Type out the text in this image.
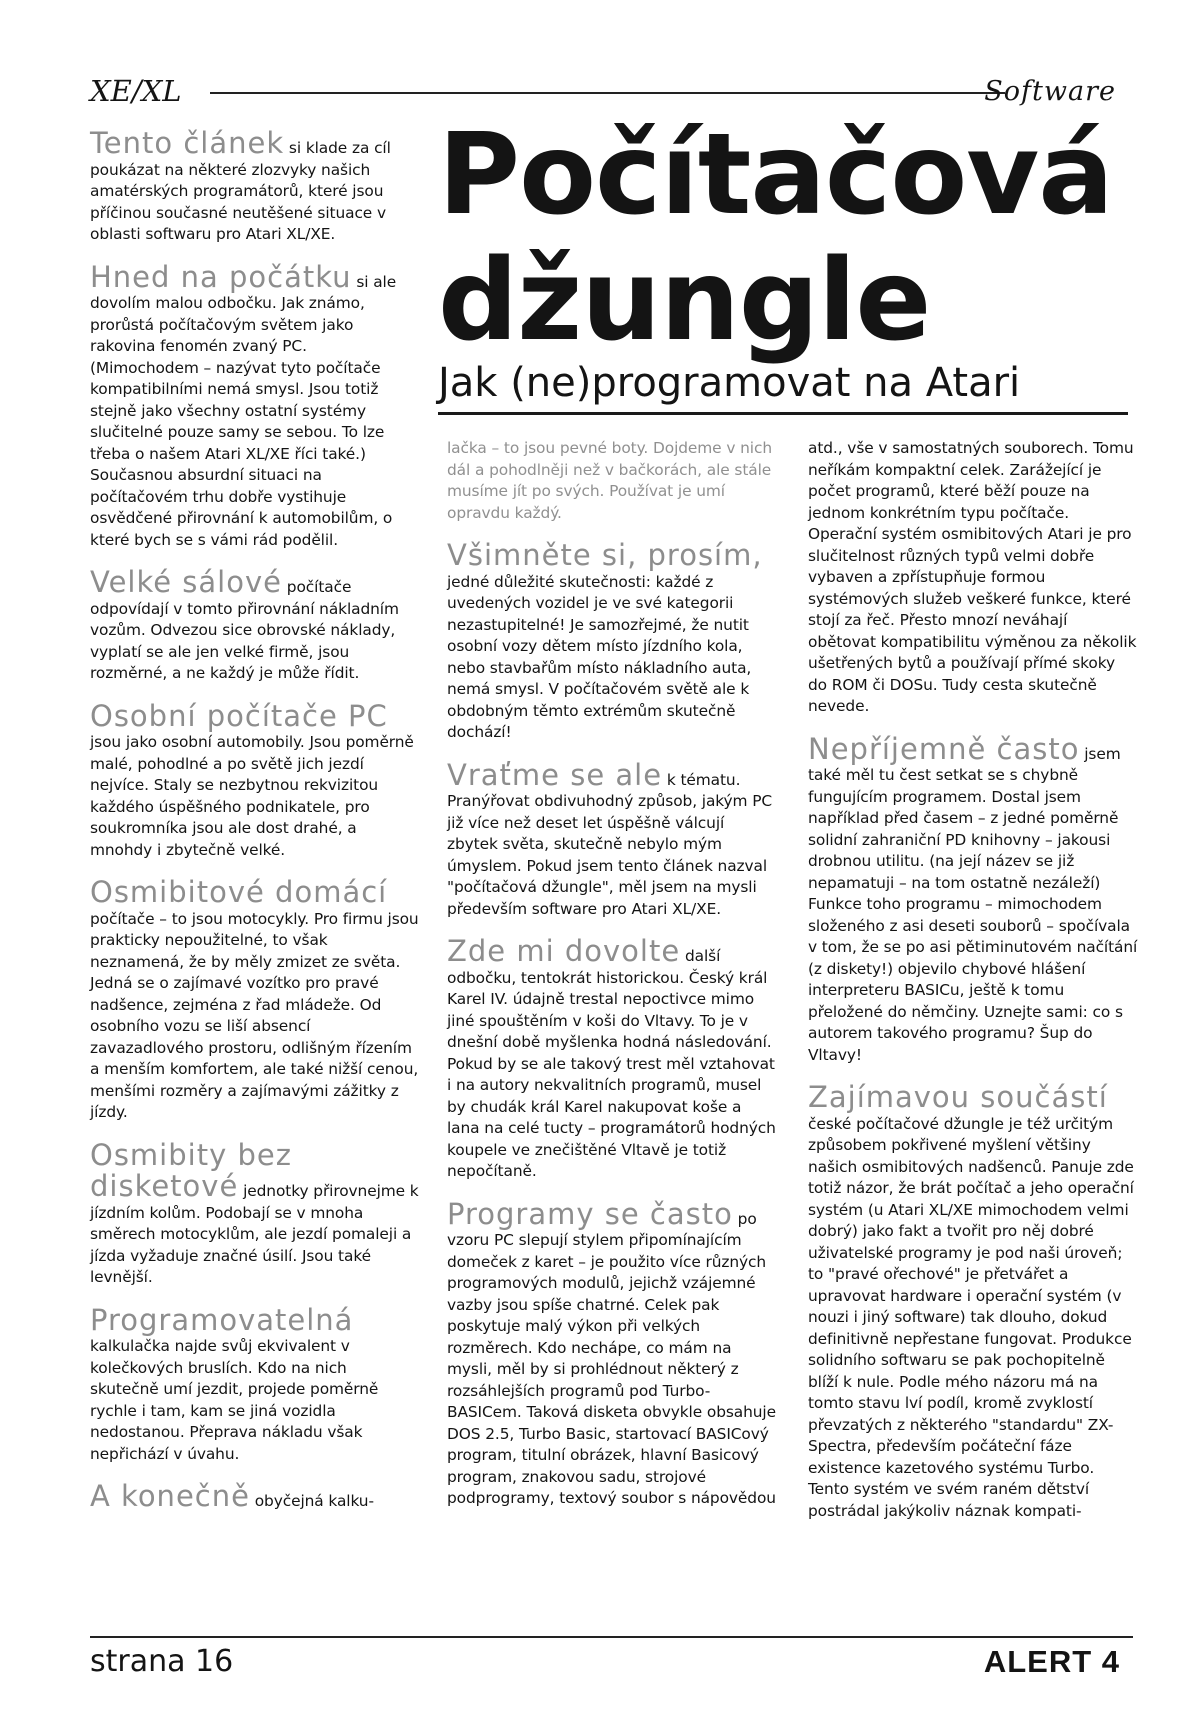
XE/XL	Software
Počítačová
džungle
Jak (ne)programovat na Atari

Tento článek si klade za cíl poukázat na některé zlozvyky našich amatérských programátorů, které jsou příčinou současné neutěšené situace v oblasti softwaru pro Atari XL/XE.

Hned na počátku si ale dovolím malou odbočku. Jak známo, prorůstá počítačovým světem jako rakovina fenomén zvaný PC. (Mimochodem – nazývat tyto počítače kompatibilními nemá smysl. Jsou totiž stejně jako všechny ostatní systémy slučitelné pouze samy se sebou. To lze třeba o našem Atari XL/XE říci také.) Současnou absurdní situaci na počítačovém trhu dobře vystihuje osvědčené přirovnání k automobilům, o které bych se s vámi rád podělil.

Velké sálové počítače odpovídají v tomto přirovnání nákladním vozům. Odvezou sice obrovské náklady, vyplatí se ale jen velké firmě, jsou rozměrné, a ne každý je může řídit.

Osobní počítače PC jsou jako osobní automobily. Jsou poměrně malé, pohodlné a po světě jich jezdí nejvíce. Staly se nezbytnou rekvizitou každého úspěšného podnikatele, pro soukromníka jsou ale dost drahé, a mnohdy i zbytečně velké.

Osmibitové domácí počítače – to jsou motocykly. Pro firmu jsou prakticky nepoužitelné, to však neznamená, že by měly zmizet ze světa. Jedná se o zajímavé vozítko pro pravé nadšence, zejména z řad mládeže. Od osobního vozu se liší absencí zavazadlového prostoru, odlišným řízením a menším komfortem, ale také nižší cenou, menšími rozměry a zajímavými zážitky z jízdy.

Osmibity bez disketové jednotky přirovnejme k jízdním kolům. Podobají se v mnoha směrech motocyklům, ale jezdí pomaleji a jízda vyžaduje značné úsilí. Jsou také levnější.

Programovatelná kalkulačka najde svůj ekvivalent v kolečkových bruslích. Kdo na nich skutečně umí jezdit, projede poměrně rychle i tam, kam se jiná vozidla nedostanou. Přeprava nákladu však nepřichází v úvahu.

A konečně obyčejná kalku-

lačka – to jsou pevné boty. Dojdeme v nich dál a pohodlněji než v bačkorách, ale stále musíme jít po svých. Používat je umí opravdu každý.

Všimněte si, prosím, jedné důležité skutečnosti: každé z uvedených vozidel je ve své kategorii nezastupitelné! Je samozřejmé, že nutit osobní vozy dětem místo jízdního kola, nebo stavbařům místo nákladního auta, nemá smysl. V počítačovém světě ale k obdobným těmto extrémům skutečně dochází!

Vraťme se ale k tématu. Pranýřovat obdivuhodný způsob, jakým PC již více než deset let úspěšně válcují zbytek světa, skutečně nebylo mým úmyslem. Pokud jsem tento článek nazval "počítačová džungle", měl jsem na mysli především software pro Atari XL/XE.

Zde mi dovolte další odbočku, tentokrát historickou. Český král Karel IV. údajně trestal nepoctivce mimo jiné spouštěním v koši do Vltavy. To je v dnešní době myšlenka hodná následování. Pokud by se ale takový trest měl vztahovat i na autory nekvalitních programů, musel by chudák král Karel nakupovat koše a lana na celé tucty – programátorů hodných koupele ve znečištěné Vltavě je totiž nepočítaně.

Programy se často po vzoru PC slepují stylem připomínajícím domeček z karet – je použito více různých programových modulů, jejichž vzájemné vazby jsou spíše chatrné. Celek pak poskytuje malý výkon při velkých rozměrech. Kdo nechápe, co mám na mysli, měl by si prohlédnout některý z rozsáhlejších programů pod Turbo-BASICem. Taková disketa obvykle obsahuje DOS 2.5, Turbo Basic, startovací BASICový program, titulní obrázek, hlavní Basicový program, znakovou sadu, strojové podprogramy, textový soubor s nápovědou

atd., vše v samostatných souborech. Tomu neříkám kompaktní celek. Zarážející je počet programů, které běží pouze na jednom konkrétním typu počítače. Operační systém osmibitových Atari je pro slučitelnost různých typů velmi dobře vybaven a zpřístupňuje formou systémových služeb veškeré funkce, které stojí za řeč. Přesto mnozí neváhají obětovat kompatibilitu výměnou za několik ušetřených bytů a používají přímé skoky do ROM či DOSu. Tudy cesta skutečně nevede.

Nepříjemně často jsem také měl tu čest setkat se s chybně fungujícím programem. Dostal jsem například před časem – z jedné poměrně solidní zahraniční PD knihovny – jakousi drobnou utilitu. (na její název se již nepamatuji – na tom ostatně nezáleží) Funkce toho programu – mimochodem složeného z asi deseti souborů – spočívala v tom, že se po asi pětiminutovém načítání (z diskety!) objevilo chybové hlášení interpreteru BASICu, ještě k tomu přeložené do němčiny. Uznejte sami: co s autorem takového programu? Šup do Vltavy!

Zajímavou součástí české počítačové džungle je též určitým způsobem pokřivené myšlení většiny našich osmibitových nadšenců. Panuje zde totiž názor, že brát počítač a jeho operační systém (u Atari XL/XE mimochodem velmi dobrý) jako fakt a tvořit pro něj dobré uživatelské programy je pod naši úroveň; to "pravé ořechové" je přetvářet a upravovat hardware i operační systém (v nouzi i jiný software) tak dlouho, dokud definitivně nepřestane fungovat. Produkce solidního softwaru se pak pochopitelně blíží k nule. Podle mého názoru má na tomto stavu lví podíl, kromě zvyklostí převzatých z některého "standardu" ZX-Spectra, především počáteční fáze existence kazetového systému Turbo. Tento systém ve svém raném dětství postrádal jakýkoliv náznak kompati-

strana 16	ALERT 4
